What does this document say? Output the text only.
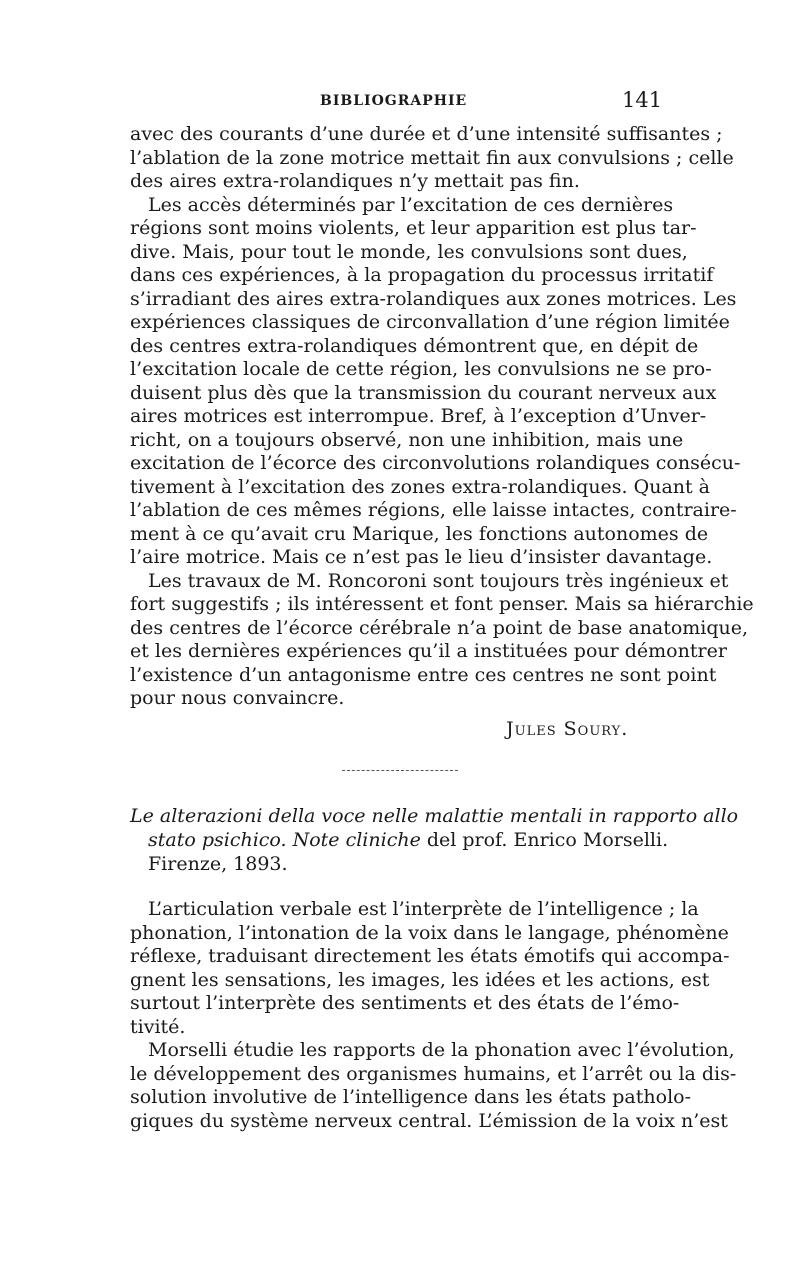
BIBLIOGRAPHIE	141
avec des courants d’une durée et d’une intensité suffisantes ;
l’ablation de la zone motrice mettait fin aux convulsions ; celle
des aires extra-rolandiques n’y mettait pas fin.
Les accès déterminés par l’excitation de ces dernières
régions sont moins violents, et leur apparition est plus tar-
dive. Mais, pour tout le monde, les convulsions sont dues,
dans ces expériences, à la propagation du processus irritatif
s’irradiant des aires extra-rolandiques aux zones motrices. Les
expériences classiques de circonvallation d’une région limitée
des centres extra-rolandiques démontrent que, en dépit de
l’excitation locale de cette région, les convulsions ne se pro-
duisent plus dès que la transmission du courant nerveux aux
aires motrices est interrompue. Bref, à l’exception d’Unver-
richt, on a toujours observé, non une inhibition, mais une
excitation de l’écorce des circonvolutions rolandiques consécu-
tivement à l’excitation des zones extra-rolandiques. Quant à
l’ablation de ces mêmes régions, elle laisse intactes, contraire-
ment à ce qu’avait cru Marique, les fonctions autonomes de
l’aire motrice. Mais ce n’est pas le lieu d’insister davantage.
Les travaux de M. Roncoroni sont toujours très ingénieux et
fort suggestifs ; ils intéressent et font penser. Mais sa hiérarchie
des centres de l’écorce cérébrale n’a point de base anatomique,
et les dernières expériences qu’il a instituées pour démontrer
l’existence d’un antagonisme entre ces centres ne sont point
pour nous convaincre.
Jules Soury.
Le alterazioni della voce nelle malattie mentali in rapporto allo
stato psichico. Note cliniche del prof. Enrico Morselli.
Firenze, 1893.
L’articulation verbale est l’interprète de l’intelligence ; la
phonation, l’intonation de la voix dans le langage, phénomène
réflexe, traduisant directement les états émotifs qui accompa-
gnent les sensations, les images, les idées et les actions, est
surtout l’interprète des sentiments et des états de l’émo-
tivité.
Morselli étudie les rapports de la phonation avec l’évolution,
le développement des organismes humains, et l’arrêt ou la dis-
solution involutive de l’intelligence dans les états patholo-
giques du système nerveux central. L’émission de la voix n’est
